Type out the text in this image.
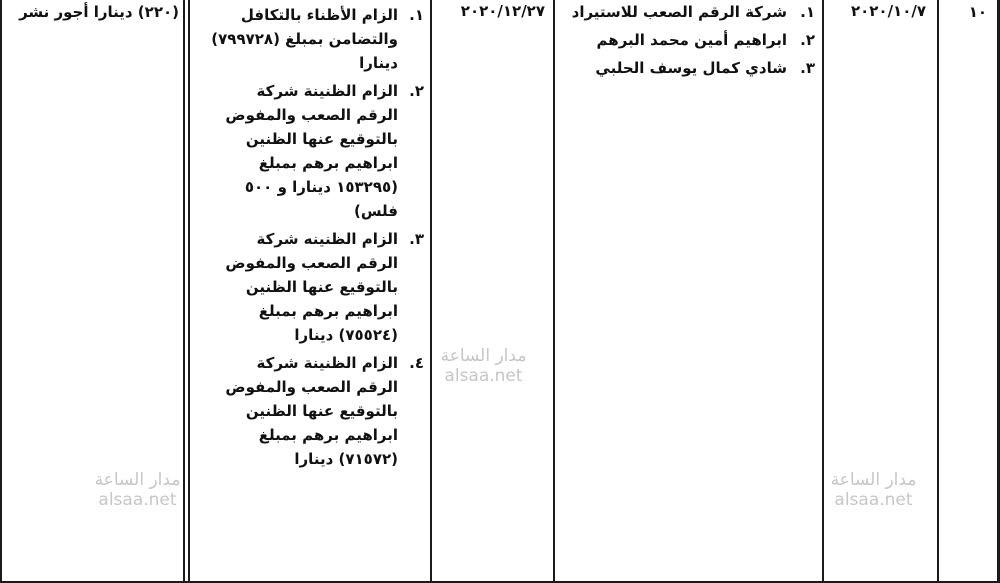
١٠
٢٠٢٠/١٠/٧
١.
شركة الرقم الصعب للاستيراد
٢.
ابراهيم أمين محمد البرهم
٣.
شادي كمال يوسف الحلبي
٢٠٢٠/١٢/٢٧
١.
الزام الأظناء بالتكافل
والتضامن بمبلغ (٧٩٩٧٢٨)
دينارا
٢.
الزام الظنينة شركة
الرقم الصعب والمفوض
بالتوقيع عنها الظنين
ابراهيم برهم بمبلغ
(١٥٣٢٩٥ دينارا و ٥٠٠ فلس)
٣.
الزام الظنينه شركة
الرقم الصعب والمفوض
بالتوقيع عنها الظنين
ابراهيم برهم بمبلغ
(٧٥٥٢٤) دينارا
٤.
الزام الظنينة شركة
الرقم الصعب والمفوض
بالتوقيع عنها الظنين
ابراهيم برهم بمبلغ
(٧١٥٧٢) دينارا
(٢٢٠) دينارا أجور نشر
مدار الساعة
alsaa.net
مدار الساعة
alsaa.net
مدار الساعة
alsaa.net
